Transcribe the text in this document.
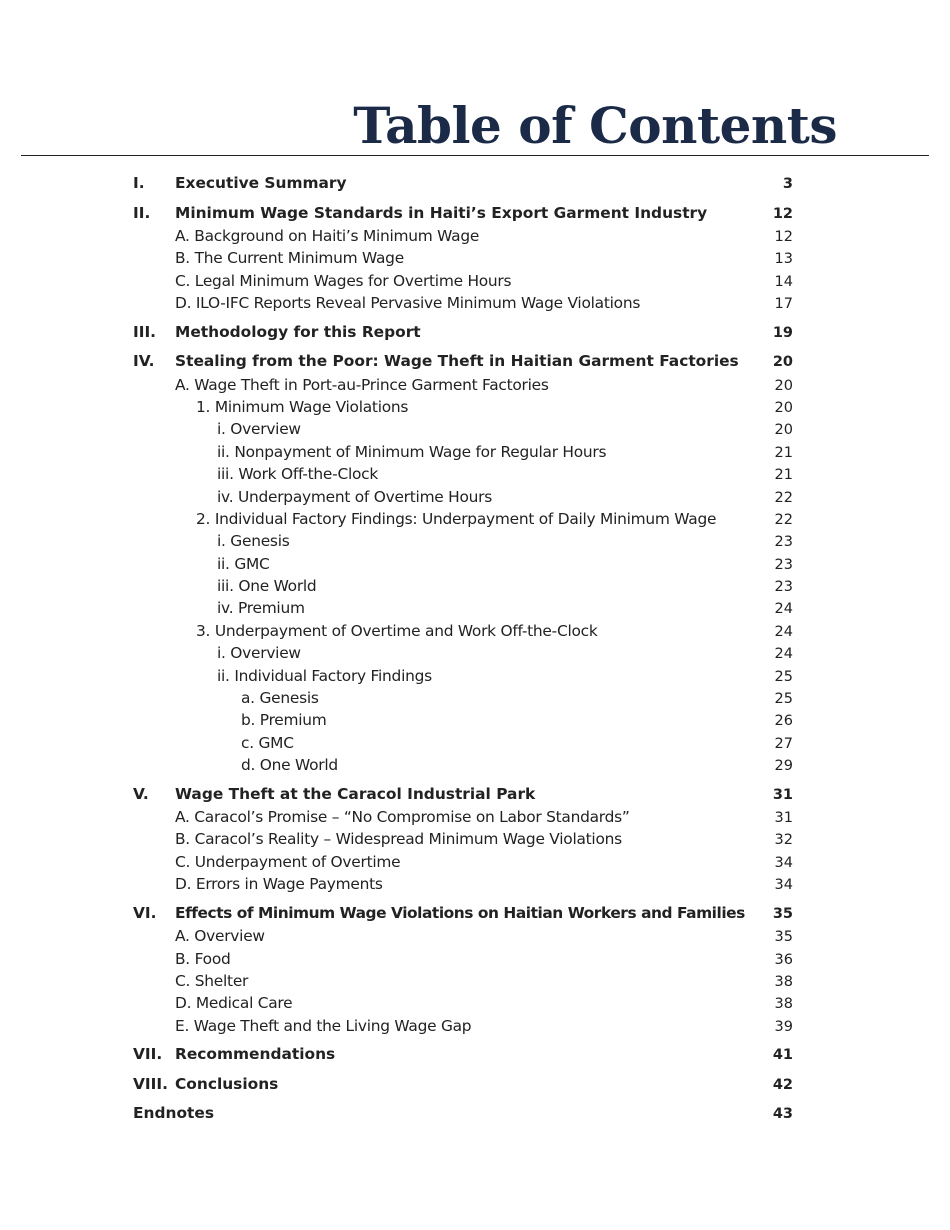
Table of Contents
I.	Executive Summary	3
II.	Minimum Wage Standards in Haiti’s Export Garment Industry	12
A. Background on Haiti’s Minimum Wage	12
B. The Current Minimum Wage	13
C. Legal Minimum Wages for Overtime Hours	14
D. ILO-IFC Reports Reveal Pervasive Minimum Wage Violations	17
III.	Methodology for this Report	19
IV.	Stealing from the Poor: Wage Theft in Haitian Garment Factories	20
A. Wage Theft in Port-au-Prince Garment Factories	20
1. Minimum Wage Violations	20
i. Overview	20
ii. Nonpayment of Minimum Wage for Regular Hours	21
iii. Work Off-the-Clock	21
iv. Underpayment of Overtime Hours	22
2. Individual Factory Findings: Underpayment of Daily Minimum Wage	22
i. Genesis	23
ii. GMC	23
iii. One World	23
iv. Premium	24
3. Underpayment of Overtime and Work Off-the-Clock	24
i. Overview	24
ii. Individual Factory Findings	25
a. Genesis	25
b. Premium	26
c. GMC	27
d. One World	29
V.	Wage Theft at the Caracol Industrial Park	31
A. Caracol’s Promise – “No Compromise on Labor Standards”	31
B. Caracol’s Reality – Widespread Minimum Wage Violations	32
C. Underpayment of Overtime	34
D. Errors in Wage Payments	34
VI.	Effects of Minimum Wage Violations on Haitian Workers and Families	35
A. Overview	35
B. Food	36
C. Shelter	38
D. Medical Care	38
E. Wage Theft and the Living Wage Gap	39
VII. Recommendations	41
VIII. Conclusions	42
Endnotes	43
